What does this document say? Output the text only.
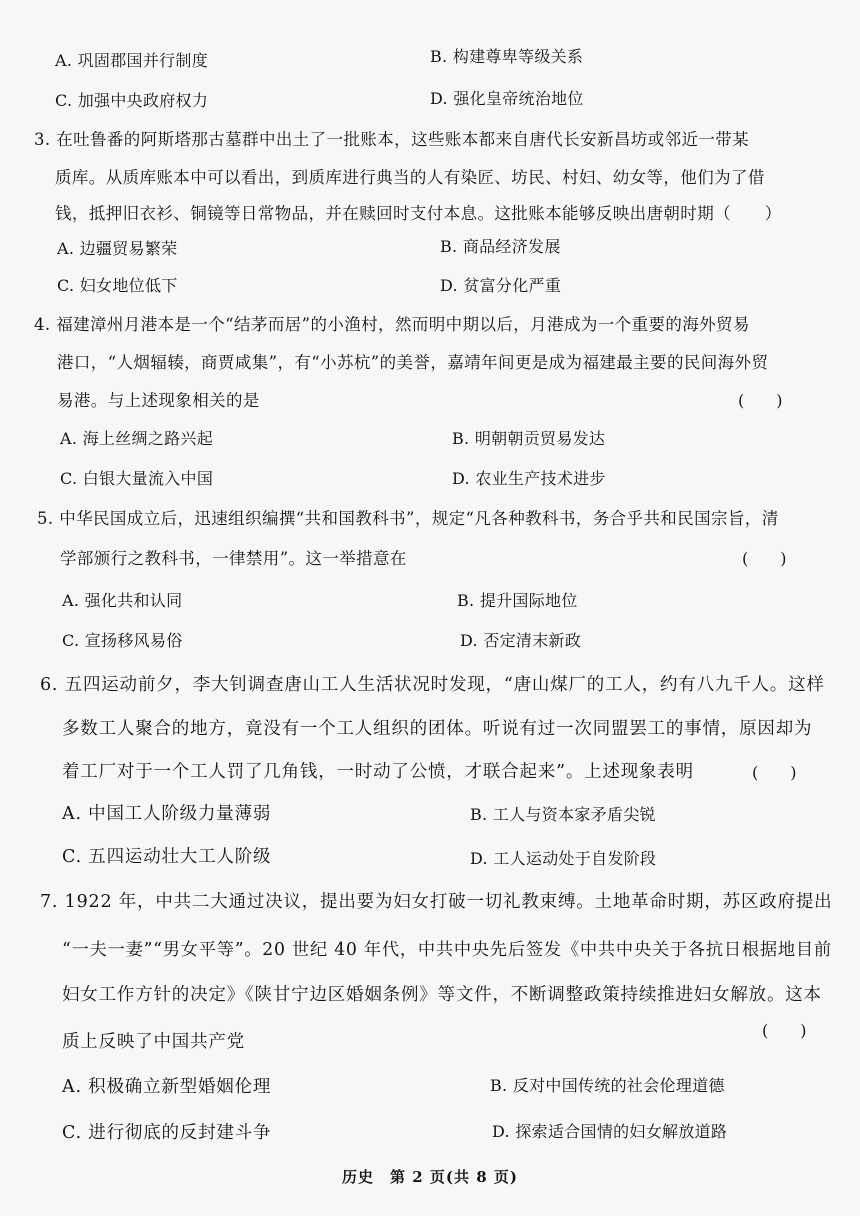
A. 巩固郡国并行制度	B. 构建尊卑等级关系
C. 加强中央政府权力	D. 强化皇帝统治地位
3. 在吐鲁番的阿斯塔那古墓群中出土了一批账本，这些账本都来自唐代长安新昌坊或邻近一带某
质库。从质库账本中可以看出，到质库进行典当的人有染匠、坊民、村妇、幼女等，他们为了借
钱，抵押旧衣衫、铜镜等日常物品，并在赎回时支付本息。这批账本能够反映出唐朝时期（　　）
A. 边疆贸易繁荣	B. 商品经济发展
C. 妇女地位低下	D. 贫富分化严重
4. 福建漳州月港本是一个“结茅而居”的小渔村，然而明中期以后，月港成为一个重要的海外贸易
港口，“人烟辐辏，商贾咸集”，有“小苏杭”的美誉，嘉靖年间更是成为福建最主要的民间海外贸
易港。与上述现象相关的是	(　　)
A. 海上丝绸之路兴起	B. 明朝朝贡贸易发达
C. 白银大量流入中国	D. 农业生产技术进步
5. 中华民国成立后，迅速组织编撰“共和国教科书”，规定“凡各种教科书，务合乎共和民国宗旨，清
学部颁行之教科书，一律禁用”。这一举措意在	(　　)
A. 强化共和认同	B. 提升国际地位
C. 宣扬移风易俗	D. 否定清末新政
6. 五四运动前夕，李大钊调查唐山工人生活状况时发现，“唐山煤厂的工人，约有八九千人。这样
多数工人聚合的地方，竟没有一个工人组织的团体。听说有过一次同盟罢工的事情，原因却为
着工厂对于一个工人罚了几角钱，一时动了公愤，才联合起来”。上述现象表明	(　　)
A. 中国工人阶级力量薄弱	B. 工人与资本家矛盾尖锐
C. 五四运动壮大工人阶级	D. 工人运动处于自发阶段
7. 1922 年，中共二大通过决议，提出要为妇女打破一切礼教束缚。土地革命时期，苏区政府提出
“一夫一妻”“男女平等”。20 世纪 40 年代，中共中央先后签发《中共中央关于各抗日根据地目前
妇女工作方针的决定》《陕甘宁边区婚姻条例》等文件，不断调整政策持续推进妇女解放。这本
质上反映了中国共产党
(　　)
A. 积极确立新型婚姻伦理	B. 反对中国传统的社会伦理道德
C. 进行彻底的反封建斗争	D. 探索适合国情的妇女解放道路
历史　第 2 页(共 8 页)
